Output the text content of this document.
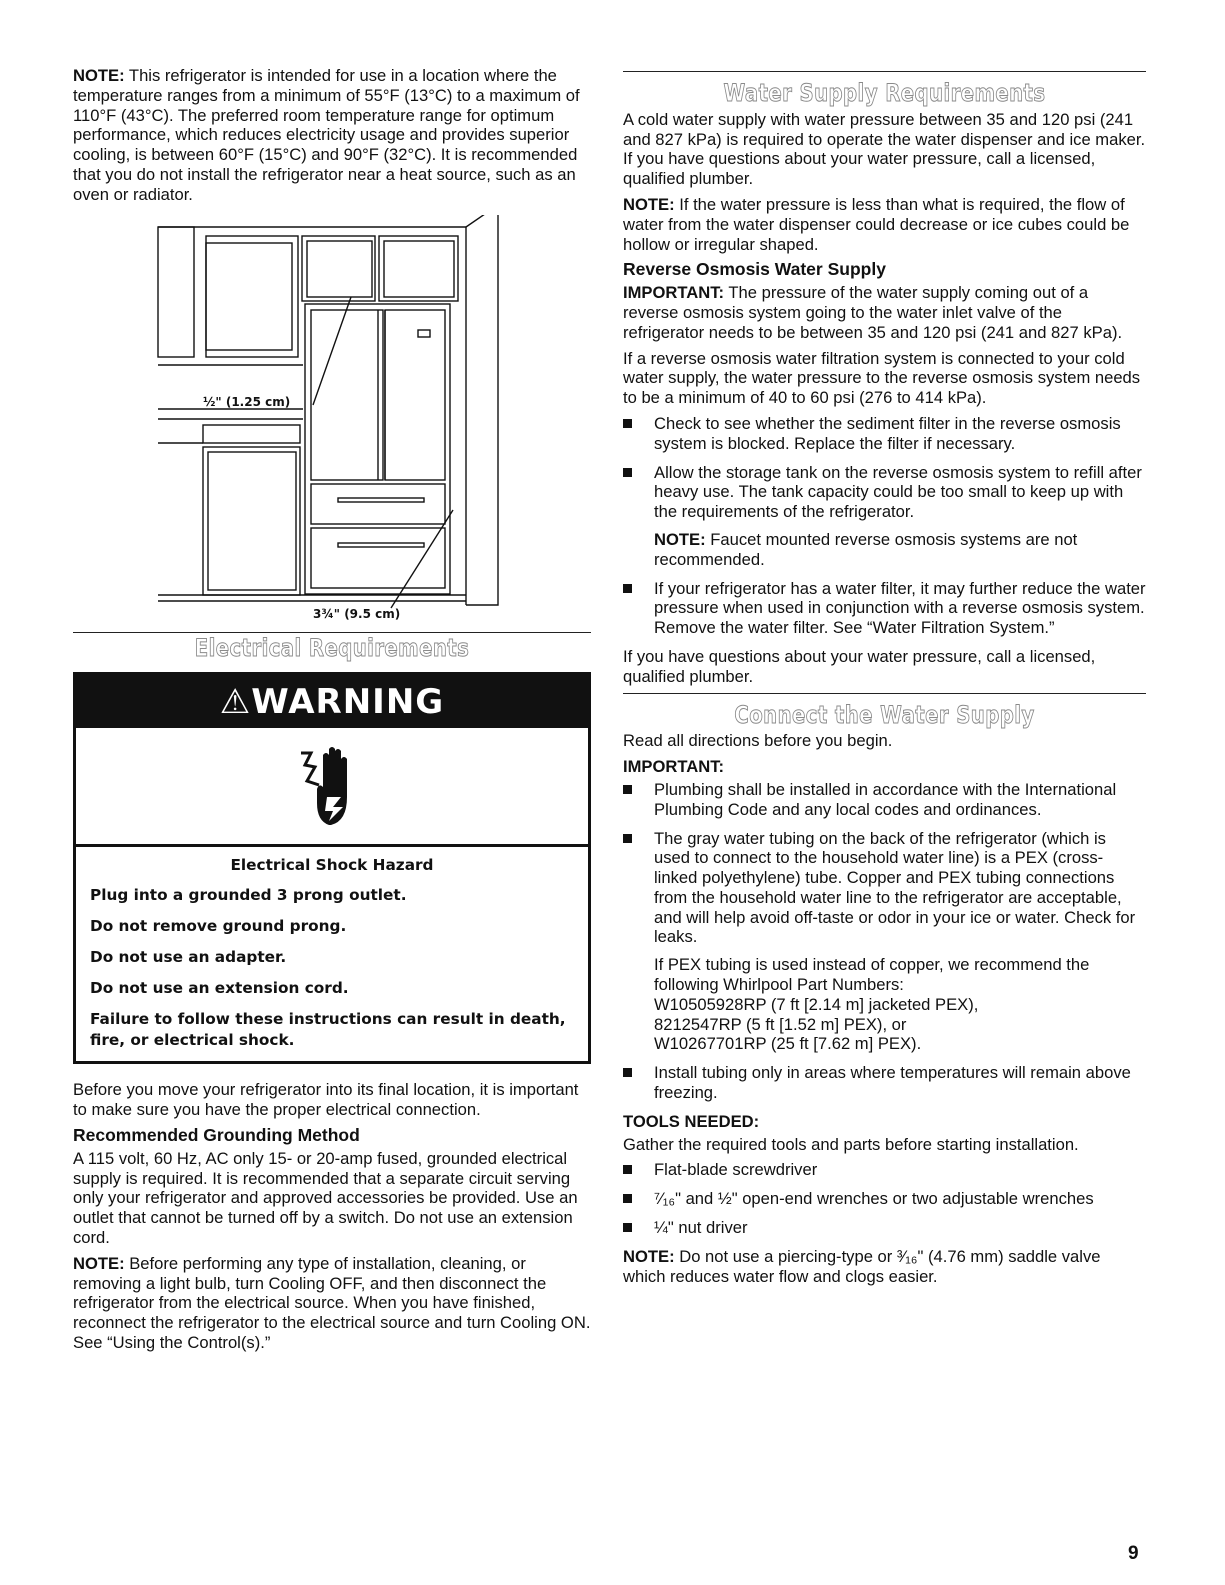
NOTE: This refrigerator is intended for use in a location where the temperature ranges from a minimum of 55°F (13°C) to a maximum of 110°F (43°C). The preferred room temperature range for optimum performance, which reduces electricity usage and provides superior cooling, is between 60°F (15°C) and 90°F (32°C). It is recommended that you do not install the refrigerator near a heat source, such as an oven or radiator.

½" (1.25 cm)
3¾" (9.5 cm)
Electrical Requirements
⚠WARNING
Electrical Shock Hazard
Plug into a grounded 3 prong outlet.
Do not remove ground prong.
Do not use an adapter.
Do not use an extension cord.
Failure to follow these instructions can result in death, fire, or electrical shock.

Before you move your refrigerator into its final location, it is important to make sure you have the proper electrical connection.

Recommended Grounding Method

A 115 volt, 60 Hz, AC only 15- or 20-amp fused, grounded electrical supply is required. It is recommended that a separate circuit serving only your refrigerator and approved accessories be provided. Use an outlet that cannot be turned off by a switch. Do not use an extension cord.

NOTE: Before performing any type of installation, cleaning, or removing a light bulb, turn Cooling OFF, and then disconnect the refrigerator from the electrical source. When you have finished, reconnect the refrigerator to the electrical source and turn Cooling ON. See “Using the Control(s).”

Water Supply Requirements

A cold water supply with water pressure between 35 and 120 psi (241 and 827 kPa) is required to operate the water dispenser and ice maker. If you have questions about your water pressure, call a licensed, qualified plumber.

NOTE: If the water pressure is less than what is required, the flow of water from the water dispenser could decrease or ice cubes could be hollow or irregular shaped.

Reverse Osmosis Water Supply

IMPORTANT: The pressure of the water supply coming out of a reverse osmosis system going to the water inlet valve of the refrigerator needs to be between 35 and 120 psi (241 and 827 kPa).

If a reverse osmosis water filtration system is connected to your cold water supply, the water pressure to the reverse osmosis system needs to be a minimum of 40 to 60 psi (276 to 414 kPa).

Check to see whether the sediment filter in the reverse osmosis system is blocked. Replace the filter if necessary.
Allow the storage tank on the reverse osmosis system to refill after heavy use. The tank capacity could be too small to keep up with the requirements of the refrigerator.
NOTE: Faucet mounted reverse osmosis systems are not recommended.
If your refrigerator has a water filter, it may further reduce the water pressure when used in conjunction with a reverse osmosis system. Remove the water filter. See “Water Filtration System.”

If you have questions about your water pressure, call a licensed, qualified plumber.

Connect the Water Supply

Read all directions before you begin.

IMPORTANT:
Plumbing shall be installed in accordance with the International Plumbing Code and any local codes and ordinances.
The gray water tubing on the back of the refrigerator (which is used to connect to the household water line) is a PEX (cross-linked polyethylene) tube. Copper and PEX tubing connections from the household water line to the refrigerator are acceptable, and will help avoid off-taste or odor in your ice or water. Check for leaks.
If PEX tubing is used instead of copper, we recommend the following Whirlpool Part Numbers:
W10505928RP (7 ft [2.14 m] jacketed PEX),
8212547RP (5 ft [1.52 m] PEX), or
W10267701RP (25 ft [7.62 m] PEX).
Install tubing only in areas where temperatures will remain above freezing.
TOOLS NEEDED:

Gather the required tools and parts before starting installation.

Flat-blade screwdriver
⁷⁄₁₆" and ½" open-end wrenches or two adjustable wrenches
¼" nut driver

NOTE: Do not use a piercing-type or ³⁄₁₆" (4.76 mm) saddle valve which reduces water flow and clogs easier.

9
